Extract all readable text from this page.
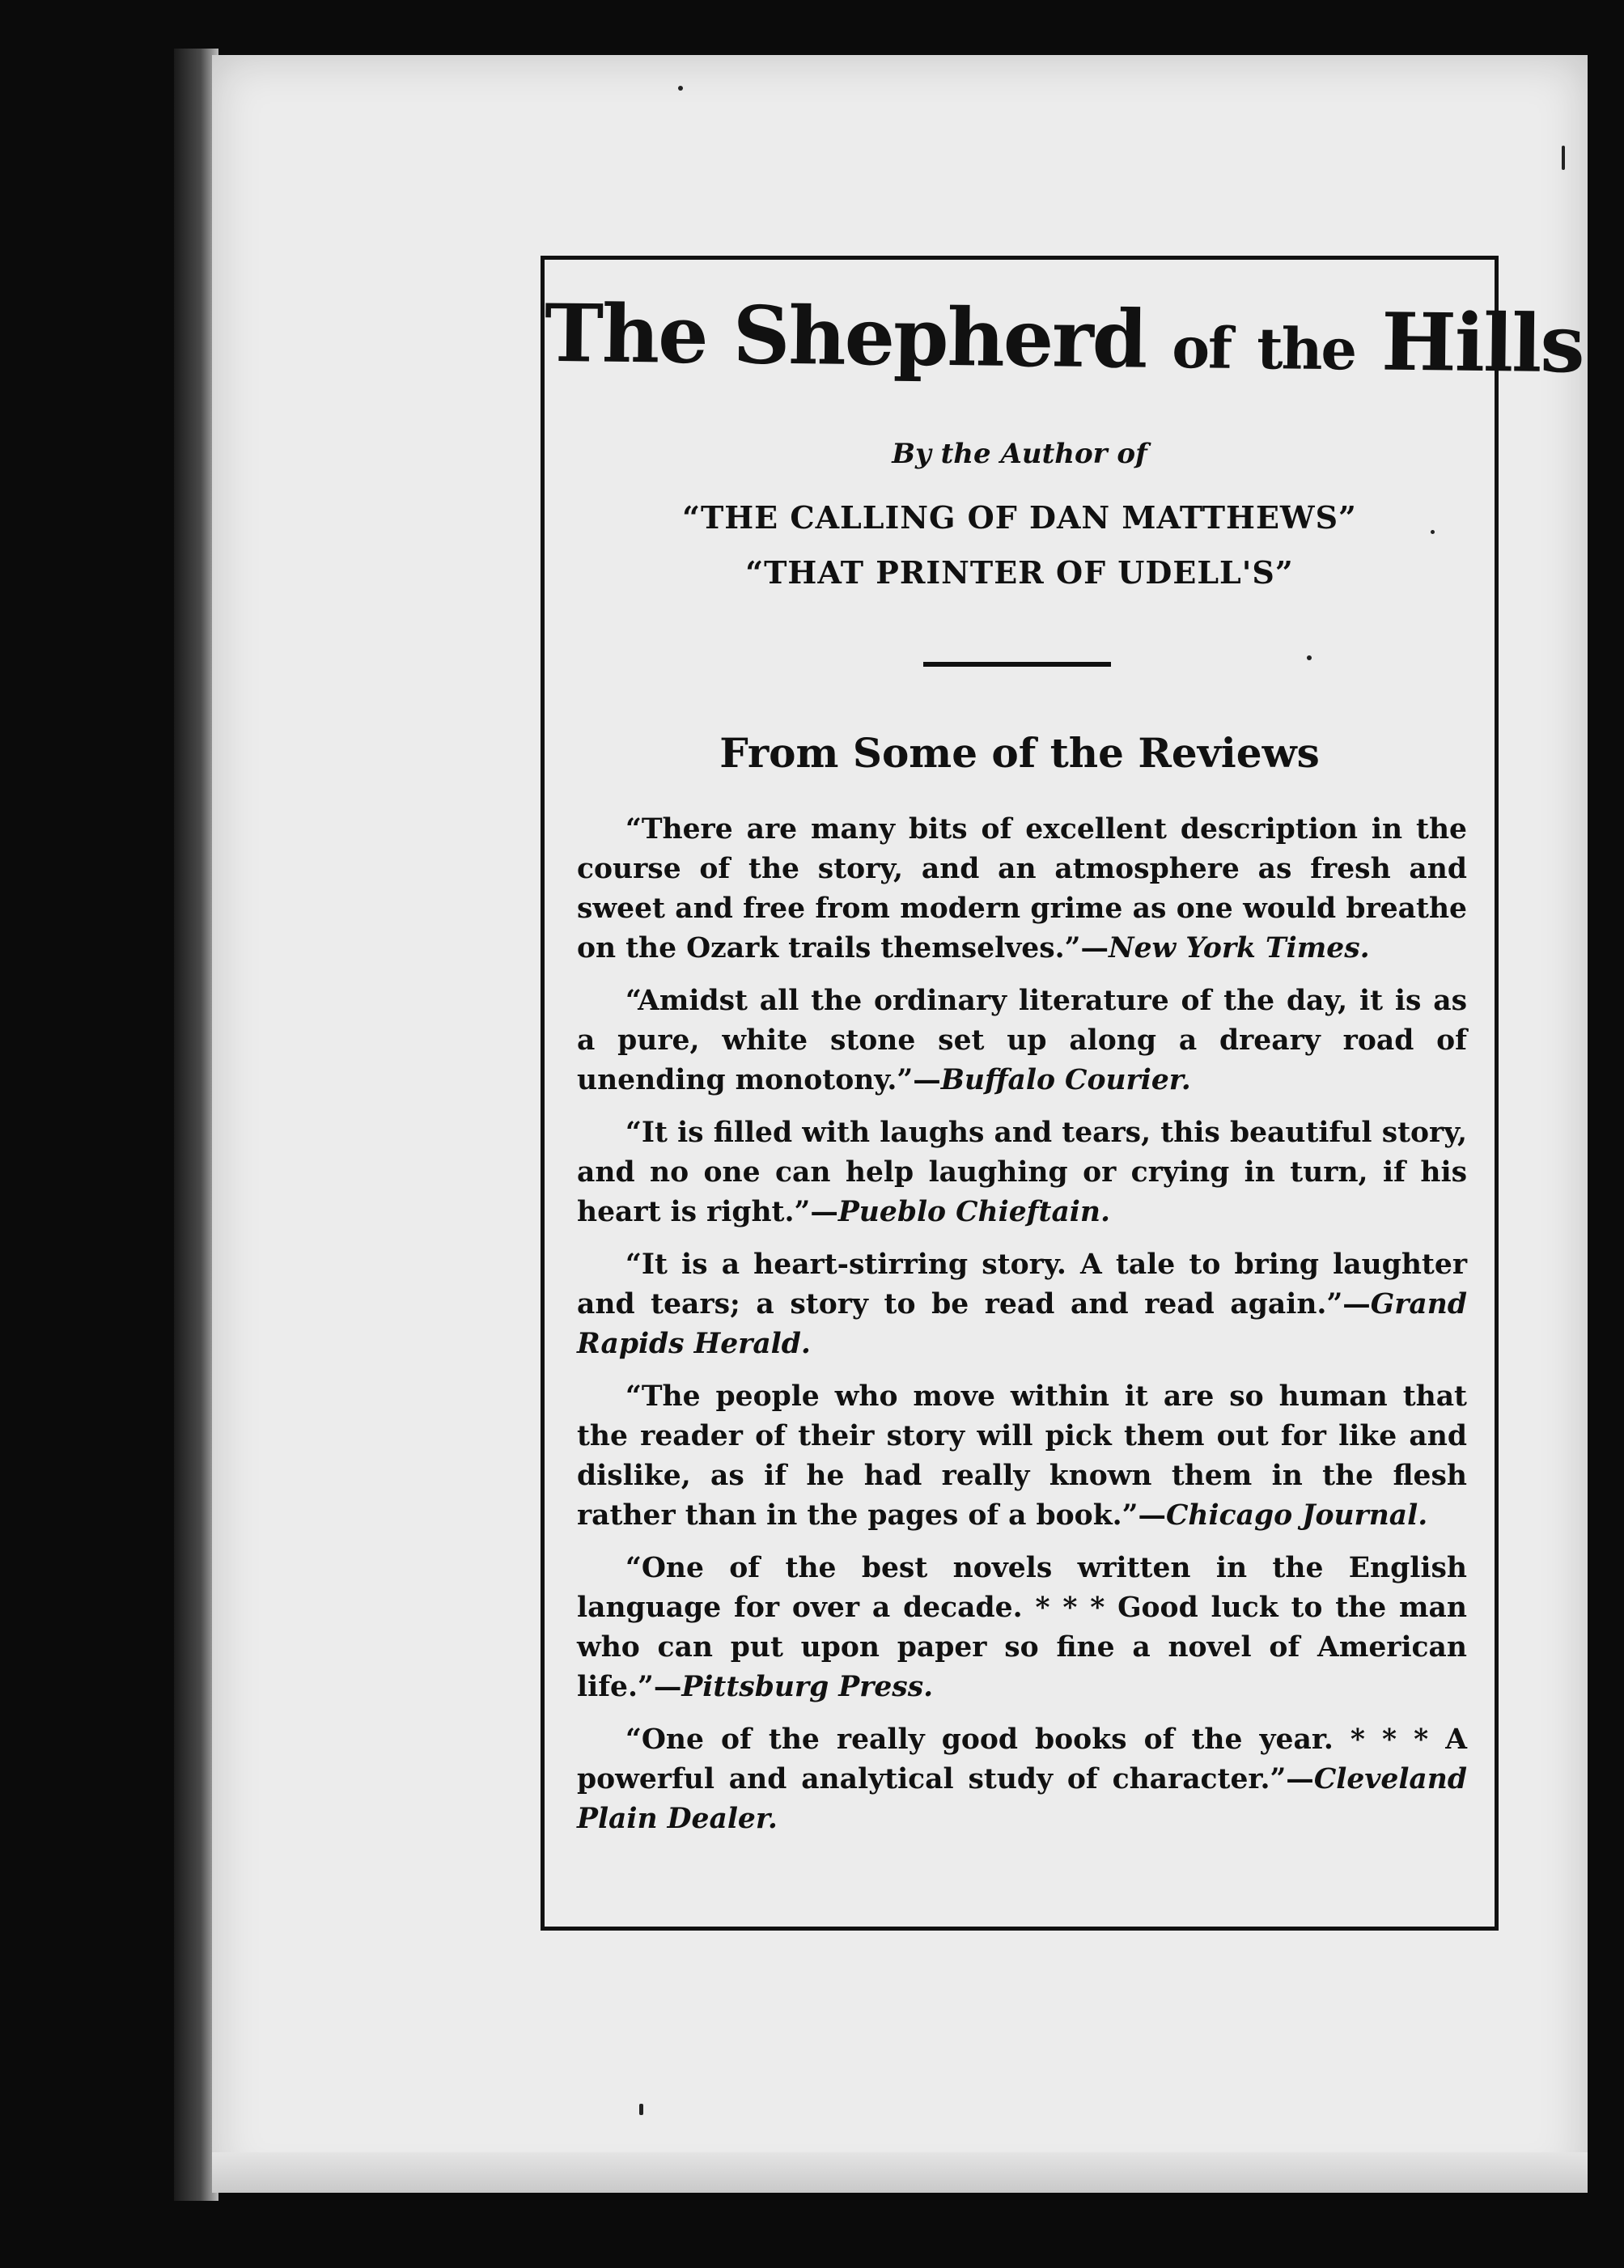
The Shepherd of the Hills
By the Author of
“THE CALLING OF DAN MATTHEWS”
“THAT PRINTER OF UDELL'S”
From Some of the Reviews

“There are many bits of excellent description in the course of the story, and an atmosphere as fresh and sweet and free from modern grime as one would breathe on the Ozark trails themselves.”—New York Times.

“Amidst all the ordinary literature of the day, it is as a pure, white stone set up along a dreary road of unending monotony.”—Buffalo Courier.

“It is filled with laughs and tears, this beautiful story, and no one can help laughing or crying in turn, if his heart is right.”—Pueblo Chieftain.

“It is a heart-stirring story. A tale to bring laughter and tears; a story to be read and read again.”—Grand Rapids Herald.

“The people who move within it are so human that the reader of their story will pick them out for like and dislike, as if he had really known them in the flesh rather than in the pages of a book.”—Chicago Journal.

“One of the best novels written in the English language for over a decade. * * * Good luck to the man who can put upon paper so fine a novel of American life.”—Pittsburg Press.

“One of the really good books of the year. * * * A powerful and analytical study of character.”—Cleveland Plain Dealer.
